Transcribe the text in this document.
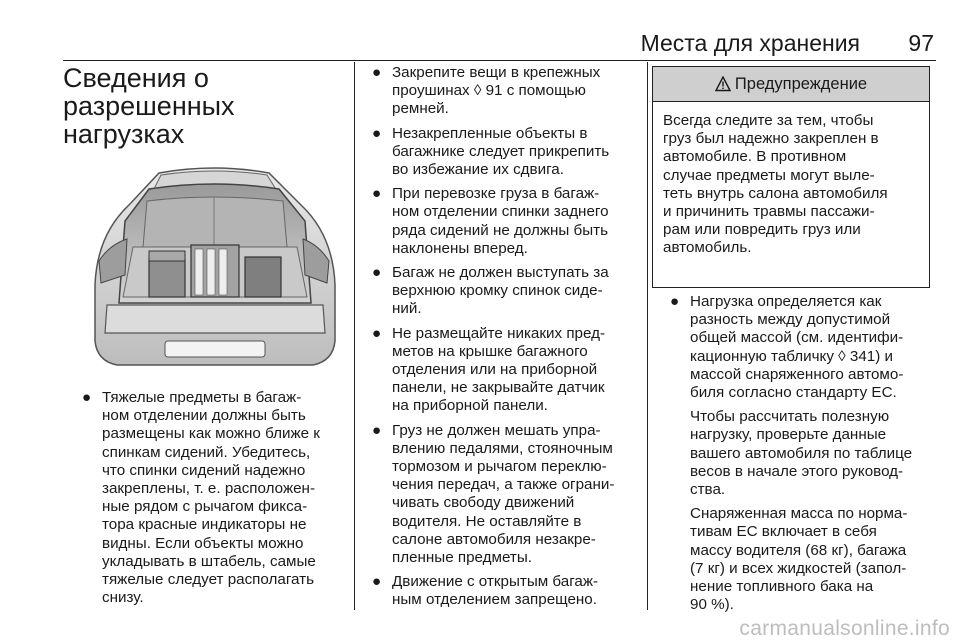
Места для хранения	97
Сведения о
разрешенных
нагрузках
● Тяжелые предметы в багаж-
ном отделении должны быть
размещены как можно ближе к
спинкам сидений. Убедитесь,
что спинки сидений надежно
закреплены, т. е. расположен-
ные рядом с рычагом фикса-
тора красные индикаторы не
видны. Если объекты можно
укладывать в штабель, самые
тяжелые следует располагать
снизу.
● Закрепите вещи в крепежных
проушинах ◊ 91 с помощью
ремней.
● Незакрепленные объекты в
багажнике следует прикрепить
во избежание их сдвига.
● При перевозке груза в багаж-
ном отделении спинки заднего
ряда сидений не должны быть
наклонены вперед.
● Багаж не должен выступать за
верхнюю кромку спинок сиде-
ний.
● Не размещайте никаких пред-
метов на крышке багажного
отделения или на приборной
панели, не закрывайте датчик
на приборной панели.
● Груз не должен мешать упра-
влению педалями, стояночным
тормозом и рычагом переклю-
чения передач, а также ограни-
чивать свободу движений
водителя. Не оставляйте в
салоне автомобиля незакре-
пленные предметы.
● Движение с открытым багаж-
ным отделением запрещено.
Предупреждение
Всегда следите за тем, чтобы
груз был надежно закреплен в
автомобиле. В противном
случае предметы могут выле-
теть внутрь салона автомобиля
и причинить травмы пассажи-
рам или повредить груз или
автомобиль.
● Нагрузка определяется как
разность между допустимой
общей массой (см. идентифи-
кационную табличку ◊ 341) и
массой снаряженного автомо-
биля согласно стандарту ЕС.
Чтобы рассчитать полезную
нагрузку, проверьте данные
вашего автомобиля по таблице
весов в начале этого руковод-
ства.
Снаряженная масса по норма-
тивам ЕС включает в себя
массу водителя (68 кг), багажа
(7 кг) и всех жидкостей (запол-
нение топливного бака на
90 %).
carmanualsonline.info
